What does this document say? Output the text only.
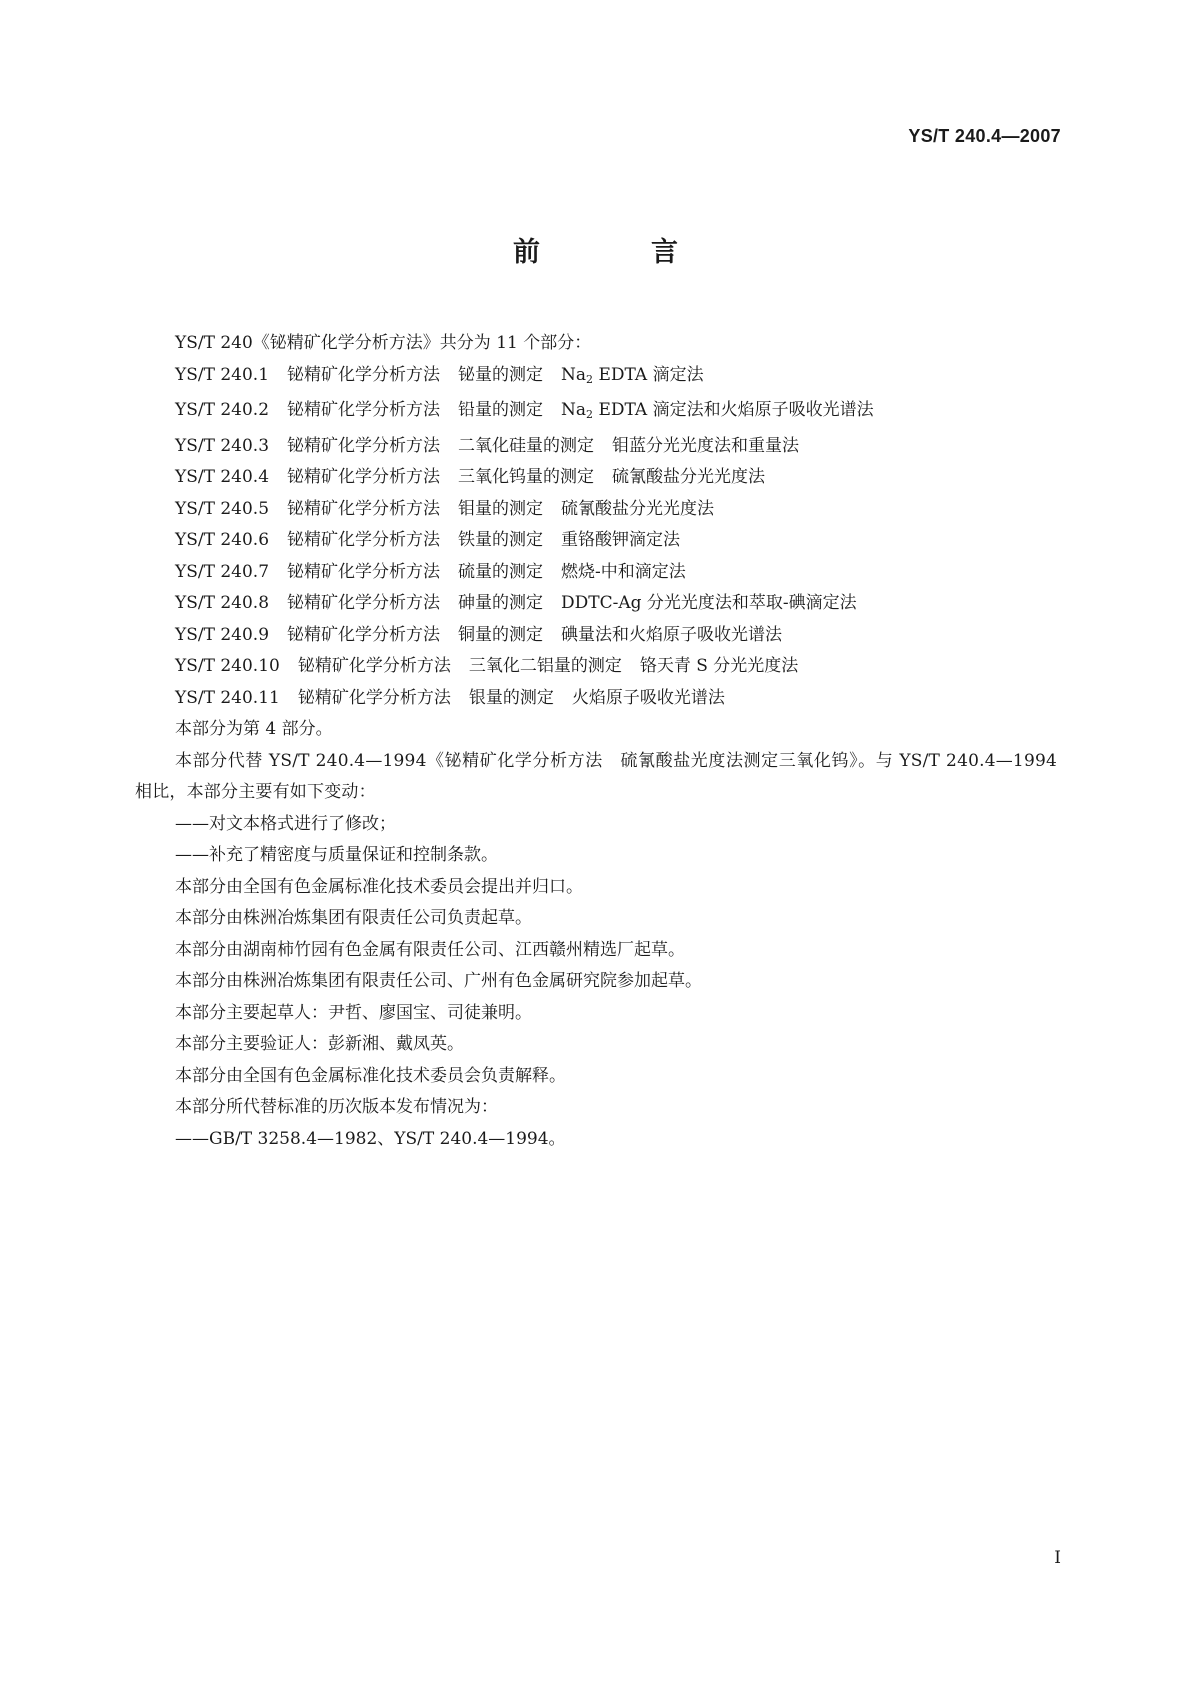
YS/T 240.4—2007
前　言
YS/T 240《铋精矿化学分析方法》共分为 11 个部分：
YS/T 240.1 铋精矿化学分析方法 铋量的测定 $Na_2$ EDTA 滴定法
YS/T 240.2 铋精矿化学分析方法 铅量的测定 $Na_2$ EDTA 滴定法和火焰原子吸收光谱法
YS/T 240.3 铋精矿化学分析方法 二氧化硅量的测定 钼蓝分光光度法和重量法
YS/T 240.4 铋精矿化学分析方法 三氧化钨量的测定 硫氰酸盐分光光度法
YS/T 240.5 铋精矿化学分析方法 钼量的测定 硫氰酸盐分光光度法
YS/T 240.6 铋精矿化学分析方法 铁量的测定 重铬酸钾滴定法
YS/T 240.7 铋精矿化学分析方法 硫量的测定 燃烧-中和滴定法
YS/T 240.8 铋精矿化学分析方法 砷量的测定 DDTC-Ag 分光光度法和萃取-碘滴定法
YS/T 240.9 铋精矿化学分析方法 铜量的测定 碘量法和火焰原子吸收光谱法
YS/T 240.10 铋精矿化学分析方法 三氧化二铝量的测定 铬天青 S 分光光度法
YS/T 240.11 铋精矿化学分析方法 银量的测定 火焰原子吸收光谱法
本部分为第 4 部分。
本部分代替 YS/T 240.4—1994《铋精矿化学分析方法　硫氰酸盐光度法测定三氧化钨》。与 YS/T 240.4—1994 相比，本部分主要有如下变动：
——对文本格式进行了修改；
——补充了精密度与质量保证和控制条款。
本部分由全国有色金属标准化技术委员会提出并归口。
本部分由株洲冶炼集团有限责任公司负责起草。
本部分由湖南柿竹园有色金属有限责任公司、江西赣州精选厂起草。
本部分由株洲冶炼集团有限责任公司、广州有色金属研究院参加起草。
本部分主要起草人：尹哲、廖国宝、司徒兼明。
本部分主要验证人：彭新湘、戴凤英。
本部分由全国有色金属标准化技术委员会负责解释。
本部分所代替标准的历次版本发布情况为：
——GB/T 3258.4—1982、YS/T 240.4—1994。
I
